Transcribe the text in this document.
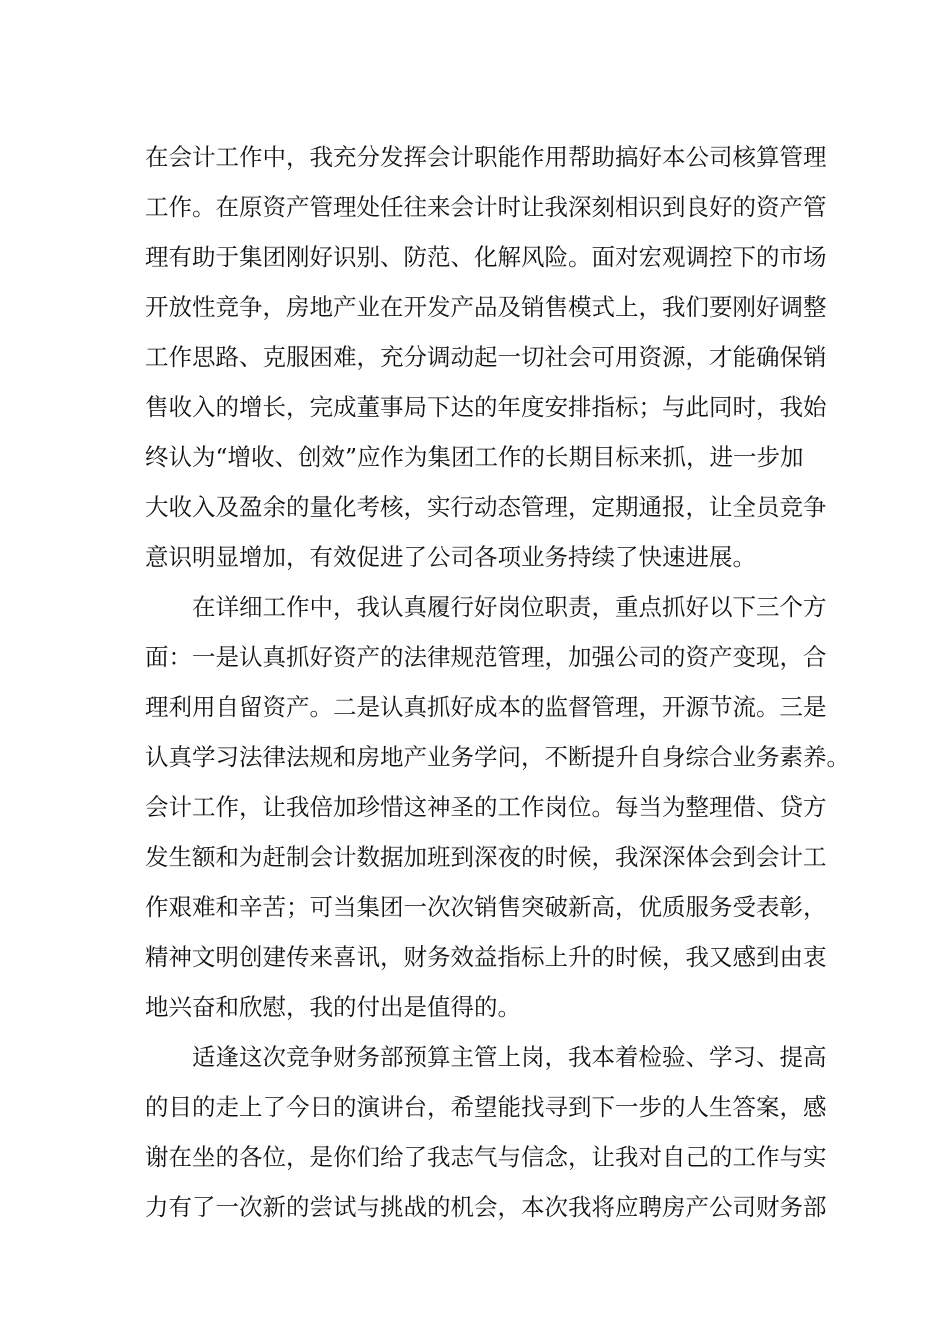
在会计工作中，我充分发挥会计职能作用帮助搞好本公司核算管理
工作。在原资产管理处任往来会计时让我深刻相识到良好的资产管
理有助于集团刚好识别、防范、化解风险。面对宏观调控下的市场
开放性竞争，房地产业在开发产品及销售模式上，我们要刚好调整
工作思路、克服困难，充分调动起一切社会可用资源，才能确保销
售收入的增长，完成董事局下达的年度安排指标；与此同时，我始
终认为“增收、创效”应作为集团工作的长期目标来抓，进一步加
大收入及盈余的量化考核，实行动态管理，定期通报，让全员竞争
意识明显增加，有效促进了公司各项业务持续了快速进展。
在详细工作中，我认真履行好岗位职责，重点抓好以下三个方
面：一是认真抓好资产的法律规范管理，加强公司的资产变现，合
理利用自留资产。二是认真抓好成本的监督管理，开源节流。三是
认真学习法律法规和房地产业务学问，不断提升自身综合业务素养。
会计工作，让我倍加珍惜这神圣的工作岗位。每当为整理借、贷方
发生额和为赶制会计数据加班到深夜的时候，我深深体会到会计工
作艰难和辛苦；可当集团一次次销售突破新高，优质服务受表彰，
精神文明创建传来喜讯，财务效益指标上升的时候，我又感到由衷
地兴奋和欣慰，我的付出是值得的。
适逢这次竞争财务部预算主管上岗，我本着检验、学习、提高
的目的走上了今日的演讲台，希望能找寻到下一步的人生答案，感
谢在坐的各位，是你们给了我志气与信念，让我对自己的工作与实
力有了一次新的尝试与挑战的机会，本次我将应聘房产公司财务部
